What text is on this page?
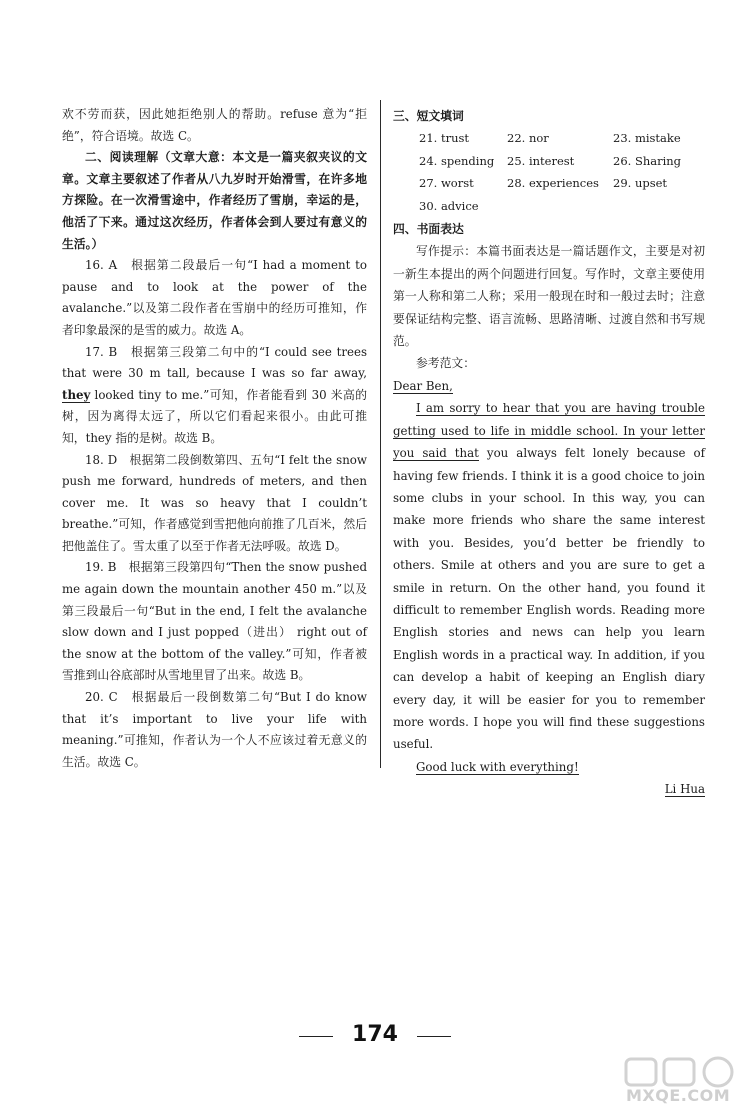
欢不劳而获，因此她拒绝别人的帮助。refuse 意为“拒绝”，符合语境。故选 C。
二、阅读理解（文章大意：本文是一篇夹叙夹议的文章。文章主要叙述了作者从八九岁时开始滑雪，在许多地方探险。在一次滑雪途中，作者经历了雪崩，幸运的是，他活了下来。通过这次经历，作者体会到人要过有意义的生活。）
16. A　根据第二段最后一句“I had a moment to pause and to look at the power of the avalanche.”以及第二段作者在雪崩中的经历可推知，作者印象最深的是雪的威力。故选 A。
17. B　根据第三段第二句中的“I could see trees that were 30 m tall, because I was so far away, they looked tiny to me.”可知，作者能看到 30 米高的树，因为离得太远了，所以它们看起来很小。由此可推知，they 指的是树。故选 B。
18. D　根据第二段倒数第四、五句“I felt the snow push me forward, hundreds of meters, and then cover me. It was so heavy that I couldn’t breathe.”可知，作者感觉到雪把他向前推了几百米，然后把他盖住了。雪太重了以至于作者无法呼吸。故选 D。
19. B　根据第三段第四句“Then the snow pushed me again down the mountain another 450 m.”以及第三段最后一句“But in the end, I felt the avalanche slow down and I just popped（进出） right out of the snow at the bottom of the valley.”可知，作者被雪推到山谷底部时从雪地里冒了出来。故选 B。
20. C　根据最后一段倒数第二句“But I do know that it’s important to live your life with meaning.”可推知，作者认为一个人不应该过着无意义的生活。故选 C。
三、短文填词
21. trust	22. nor	23. mistake
24. spending	25. interest	26. Sharing
27. worst	28. experiences	29. upset
30. advice
四、书面表达
写作提示：本篇书面表达是一篇话题作文，主要是对初一新生本提出的两个问题进行回复。写作时，文章主要使用第一人称和第二人称；采用一般现在时和一般过去时；注意要保证结构完整、语言流畅、思路清晰、过渡自然和书写规范。
参考范文：
Dear Ben,
I am sorry to hear that you are having trouble getting used to life in middle school. In your letter you said that you always felt lonely because of having few friends. I think it is a good choice to join some clubs in your school. In this way, you can make more friends who share the same interest with you. Besides, you’d better be friendly to others. Smile at others and you are sure to get a smile in return. On the other hand, you found it difficult to remember English words. Reading more English stories and news can help you learn English words in a practical way. In addition, if you can develop a habit of keeping an English diary every day, it will be easier for you to remember more words. I hope you will find these suggestions useful.
Good luck with everything!
Li Hua
174
MXQE.COM
